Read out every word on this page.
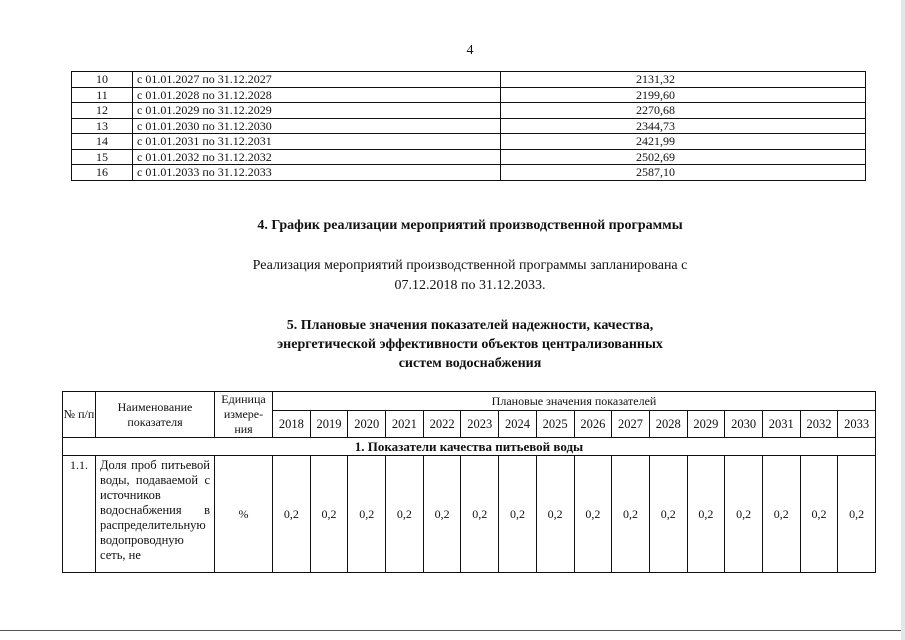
4
10	с 01.01.2027 по 31.12.2027	2131,32
11	с 01.01.2028 по 31.12.2028	2199,60
12	с 01.01.2029 по 31.12.2029	2270,68
13	с 01.01.2030 по 31.12.2030	2344,73
14	с 01.01.2031 по 31.12.2031	2421,99
15	с 01.01.2032 по 31.12.2032	2502,69
16	с 01.01.2033 по 31.12.2033	2587,10
4. График реализации мероприятий производственной программы
Реализация мероприятий производственной программы запланирована с
07.12.2018 по 31.12.2033.
5. Плановые значения показателей надежности, качества,
энергетической эффективности объектов централизованных
систем водоснабжения
№ п/п	Наименование показателя	Единица измере-ния	Плановые значения показателей															
			2018	2019	2020	2021	2022	2023	2024	2025	2026	2027	2028	2029	2030	2031	2032	2033
1. Показатели качества питьевой воды																		
1.1.	Доля проб питьевой воды, подаваемой с источников водоснабжения в распределительную водопроводную сеть, не	%	0,2	0,2	0,2	0,2	0,2	0,2	0,2	0,2	0,2	0,2	0,2	0,2	0,2	0,2	0,2	0,2
